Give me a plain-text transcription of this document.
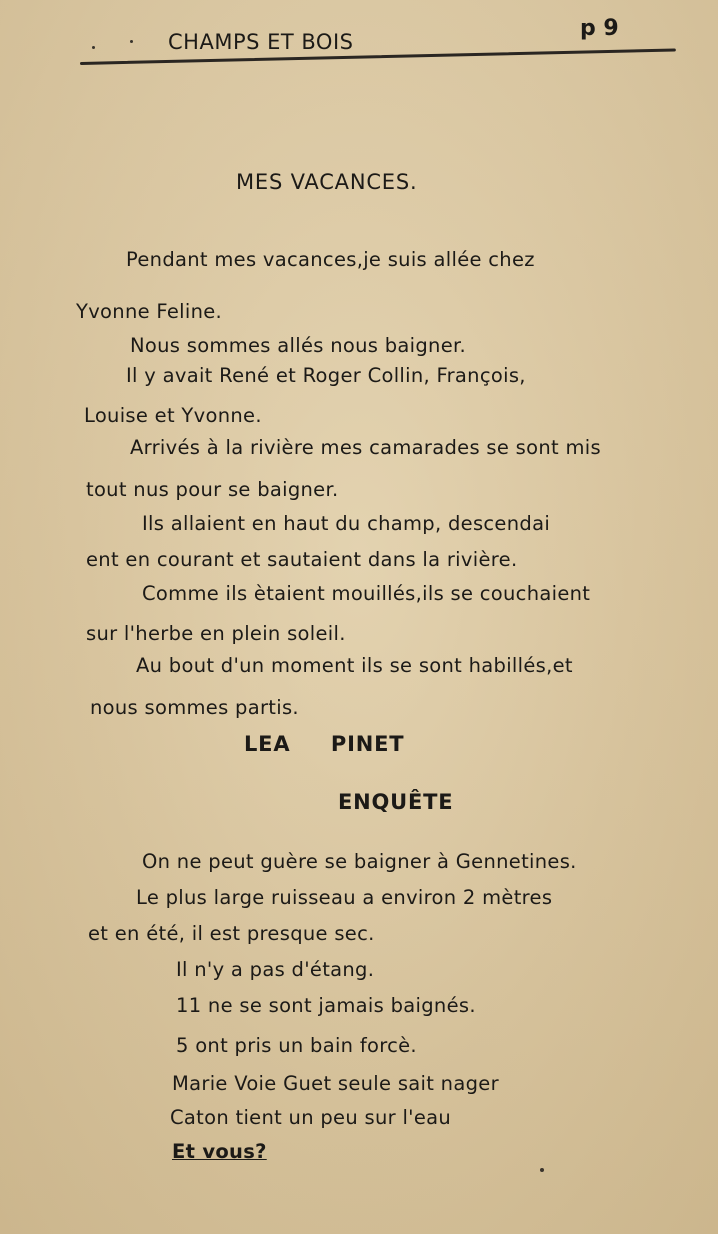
CHAMPS ET BOIS
p 9
MES VACANCES.
Pendant mes vacances,je suis allée chez
Yvonne Feline.
Nous sommes allés nous baigner.
Il y avait René et Roger Collin, François,
Louise et Yvonne.
Arrivés à la rivière mes camarades se sont mis
tout nus pour se baigner.
Ils allaient en haut du champ, descendai
ent en courant et sautaient dans la rivière.
Comme ils ètaient mouillés,ils se couchaient
sur l'herbe en plein soleil.
Au bout d'un moment ils se sont habillés,et
nous sommes partis.
LEA     PINET
ENQUÊTE
On ne peut guère se baigner à Gennetines.
Le plus large ruisseau a environ 2 mètres
et en été, il est presque sec.
Il n'y a pas d'étang.
11 ne se sont jamais baignés.
5 ont pris un bain forcè.
Marie Voie Guet seule sait nager
Caton tient un peu sur l'eau
Et vous?
